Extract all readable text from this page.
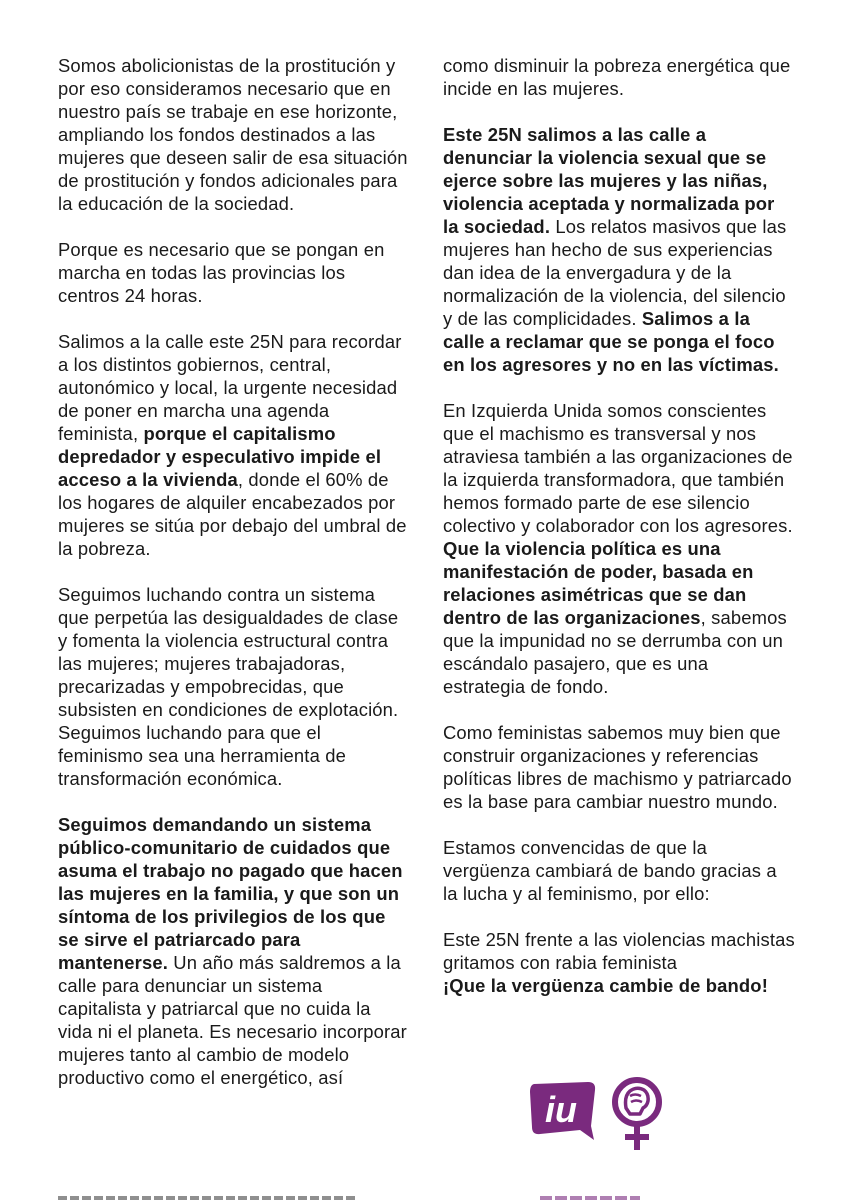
Somos abolicionistas de la prostitución y por eso consideramos necesario que en nuestro país se trabaje en ese horizonte, ampliando los fondos destinados a las mujeres que deseen salir de esa situación de prostitución y fondos adicionales para la educación de la sociedad.

Porque es necesario que se pongan en marcha en todas las provincias los centros 24 horas.

Salimos a la calle este 25N para recordar a los distintos gobiernos, central, autonómico y local, la urgente necesidad de poner en marcha una agenda feminista, porque el capitalismo depredador y especulativo impide el acceso a la vivienda, donde el 60% de los hogares de alquiler encabezados por mujeres se sitúa por debajo del umbral de la pobreza.

Seguimos luchando contra un sistema que perpetúa las desigualdades de clase y fomenta la violencia estructural contra las mujeres; mujeres trabajadoras, precarizadas y empobrecidas, que subsisten en condiciones de explotación. Seguimos luchando para que el feminismo sea una herramienta de transformación económica.

Seguimos demandando un sistema público-comunitario de cuidados que asuma el trabajo no pagado que hacen las mujeres en la familia, y que son un síntoma de los privilegios de los que se sirve el patriarcado para mantenerse. Un año más saldremos a la calle para denunciar un sistema capitalista y patriarcal que no cuida la vida ni el planeta. Es necesario incorporar mujeres tanto al cambio de modelo productivo como el energético, así

como disminuir la pobreza energética que incide en las mujeres.

Este 25N salimos a las calle a denunciar la violencia sexual que se ejerce sobre las mujeres y las niñas, violencia aceptada y normalizada por la sociedad. Los relatos masivos que las mujeres han hecho de sus experiencias dan idea de la envergadura y de la normalización de la violencia, del silencio y de las complicidades. Salimos a la calle a reclamar que se ponga el foco en los agresores y no en las víctimas.

En Izquierda Unida somos conscientes que el machismo es transversal y nos atraviesa también a las organizaciones de la izquierda transformadora, que también hemos formado parte de ese silencio colectivo y colaborador con los agresores. Que la violencia política es una manifestación de poder, basada en relaciones asimétricas que se dan dentro de las organizaciones, sabemos que la impunidad no se derrumba con un escándalo pasajero, que es una estrategia de fondo.

Como feministas sabemos muy bien que construir organizaciones y referencias políticas libres de machismo y patriarcado es la base para cambiar nuestro mundo.

Estamos convencidas de que la vergüenza cambiará de bando gracias a la lucha y al feminismo, por ello:

Este 25N frente a las violencias machistas gritamos con rabia feminista
¡Que la vergüenza cambie de bando!

iu
